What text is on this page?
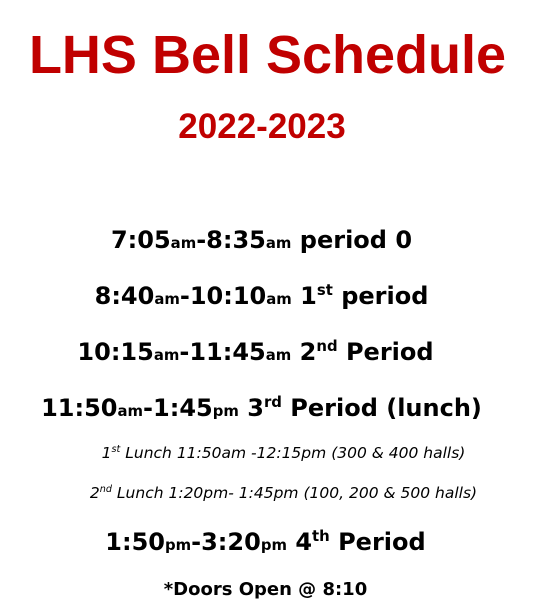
LHS Bell Schedule
2022-2023
7:05am-8:35am period 0
8:40am-10:10am 1st period
10:15am-11:45am 2nd Period
11:50am-1:45pm 3rd Period (lunch)
1st Lunch 11:50am -12:15pm (300 & 400 halls)
2nd Lunch 1:20pm- 1:45pm (100, 200 & 500 halls)
1:50pm-3:20pm 4th Period
*Doors Open @ 8:10
